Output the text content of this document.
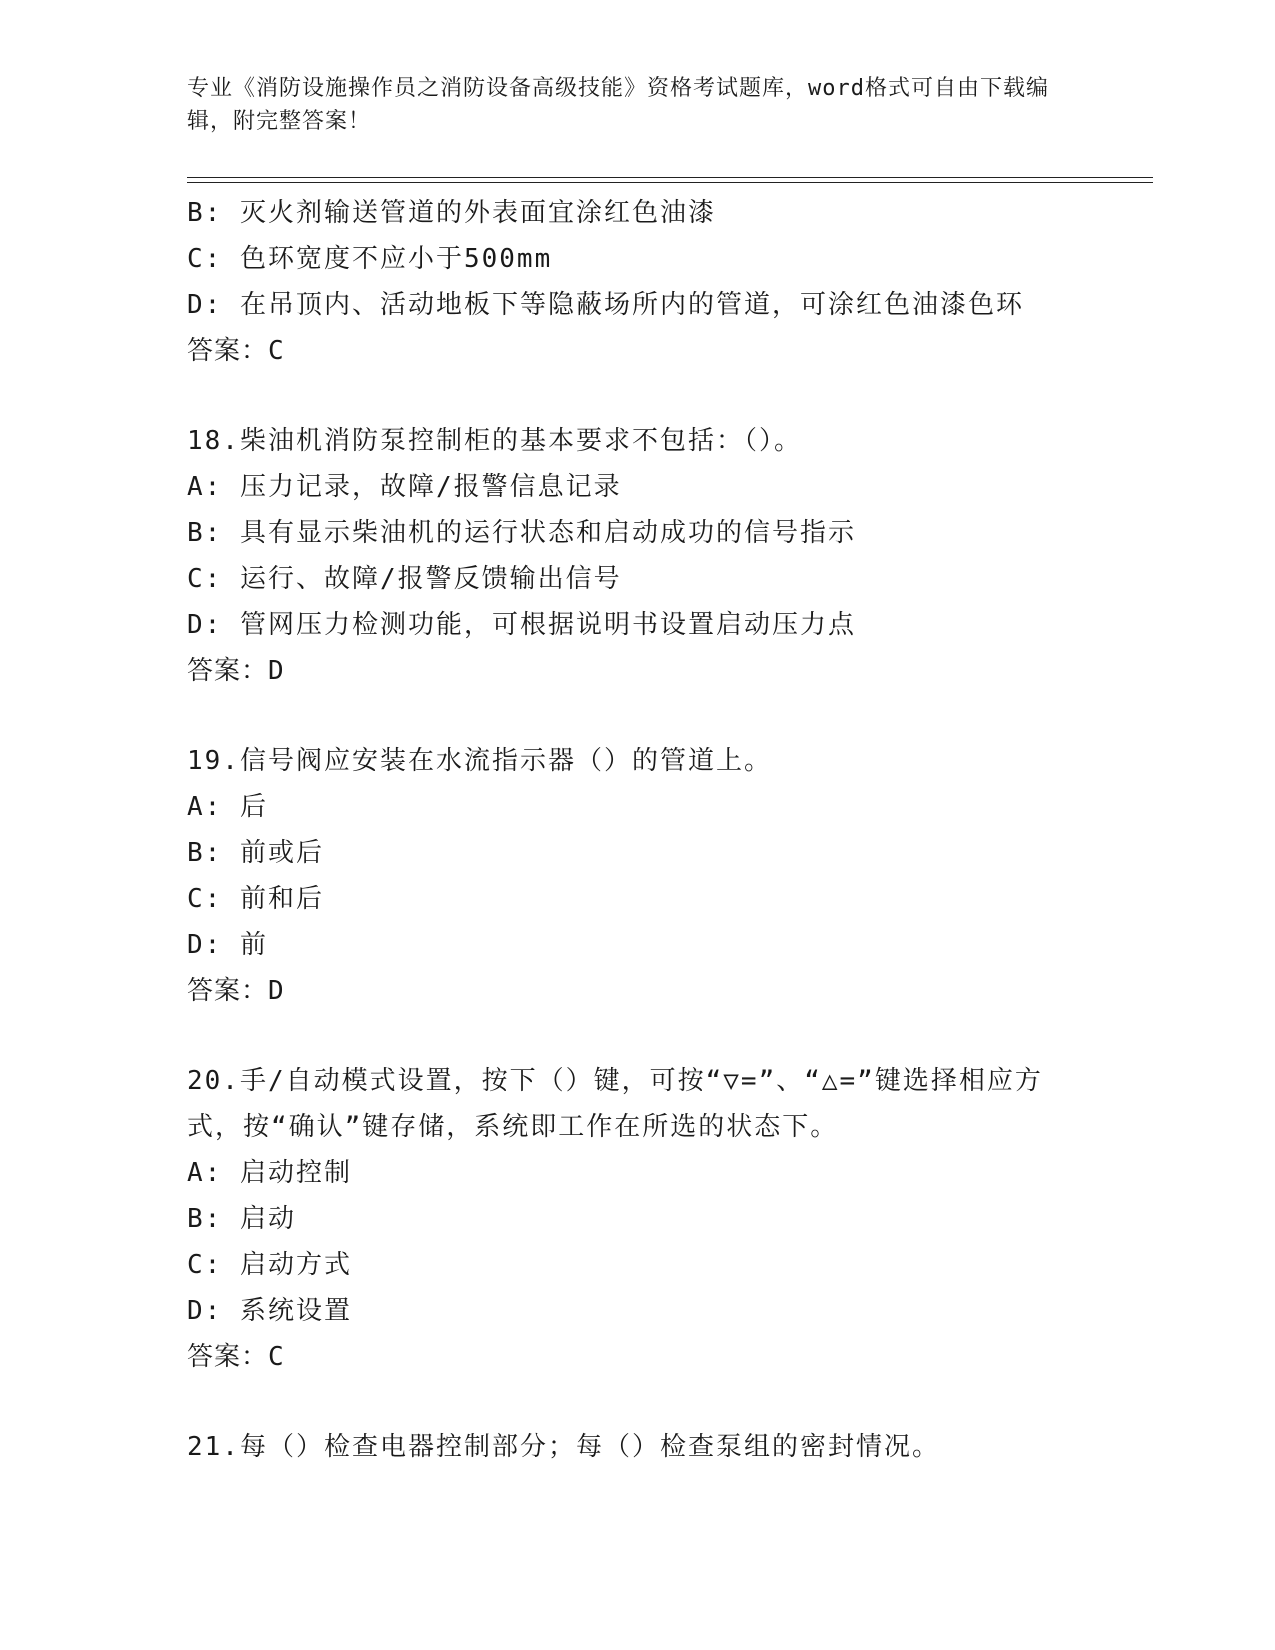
专业《消防设施操作员之消防设备高级技能》资格考试题库，word格式可自由下载编辑，附完整答案！
B: 灭火剂输送管道的外表面宜涂红色油漆
C: 色环宽度不应小于500mm
D: 在吊顶内、活动地板下等隐蔽场所内的管道，可涂红色油漆色环
答案：C
18.柴油机消防泵控制柜的基本要求不包括：（）。
A: 压力记录，故障/报警信息记录
B: 具有显示柴油机的运行状态和启动成功的信号指示
C: 运行、故障/报警反馈输出信号
D: 管网压力检测功能，可根据说明书设置启动压力点
答案：D
19.信号阀应安装在水流指示器（）的管道上。
A: 后
B: 前或后
C: 前和后
D: 前
答案：D
20.手/自动模式设置，按下（）键，可按“▽=”、“△=”键选择相应方式，按“确认”键存储，系统即工作在所选的状态下。
A: 启动控制
B: 启动
C: 启动方式
D: 系统设置
答案：C
21.每（）检查电器控制部分；每（）检查泵组的密封情况。
